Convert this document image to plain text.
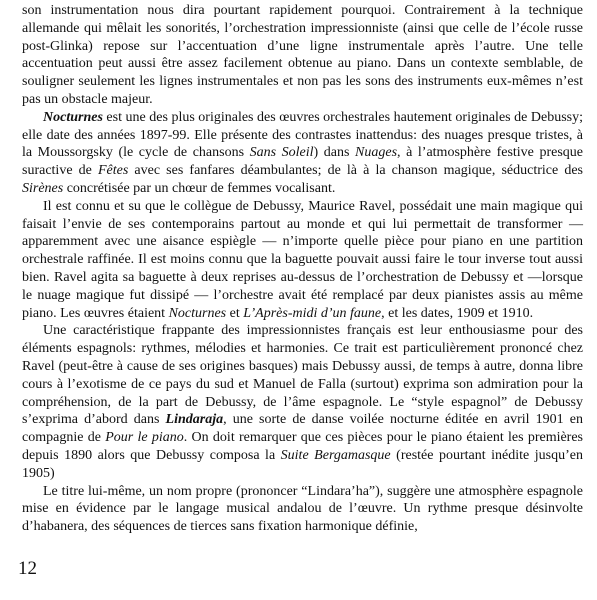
son instrumentation nous dira pourtant rapidement pourquoi. Contrairement à la technique allemande qui mêlait les sonorités, l’orchestration impressionniste (ainsi que celle de l’école russe post-Glinka) repose sur l’accentuation d’une ligne instrumentale après l’autre. Une telle accentuation peut aussi être assez facilement obtenue au piano. Dans un contexte semblable, de souligner seulement les lignes instrumentales et non pas les sons des instruments eux-mêmes n’est pas un obstacle majeur.

Nocturnes est une des plus originales des œuvres orchestrales hautement originales de Debussy; elle date des années 1897-99. Elle présente des contrastes inattendus: des nuages presque tristes, à la Moussorgsky (le cycle de chansons Sans Soleil) dans Nuages, à l’atmosphère festive presque suractive de Fêtes avec ses fanfares déambulantes; de là à la chanson magique, séductrice des Sirènes concrétisée par un chœur de femmes vocalisant.

Il est connu et su que le collègue de Debussy, Maurice Ravel, possédait une main magique qui faisait l’envie de ses contemporains partout au monde et qui lui permettait de transformer — apparemment avec une aisance espiègle — n’importe quelle pièce pour piano en une partition orchestrale raffinée. Il est moins connu que la baguette pouvait aussi faire le tour inverse tout aussi bien. Ravel agita sa baguette à deux reprises au-dessus de l’orchestration de Debussy et —lorsque le nuage magique fut dissipé — l’orchestre avait été remplacé par deux pianistes assis au même piano. Les œuvres étaient Nocturnes et L’Après-midi d’un faune, et les dates, 1909 et 1910.

Une caractéristique frappante des impressionnistes français est leur enthousiasme pour des éléments espagnols: rythmes, mélodies et harmonies. Ce trait est particulièrement prononcé chez Ravel (peut-être à cause de ses origines basques) mais Debussy aussi, de temps à autre, donna libre cours à l’exotisme de ce pays du sud et Manuel de Falla (surtout) exprima son admiration pour la compréhension, de la part de Debussy, de l’âme espagnole. Le “style espagnol” de Debussy s’exprima d’abord dans Lindaraja, une sorte de danse voilée nocturne éditée en avril 1901 en compagnie de Pour le piano. On doit remarquer que ces pièces pour le piano étaient les premières depuis 1890 alors que Debussy composa la Suite Bergamasque (restée pourtant inédite jusqu’en 1905)

Le titre lui-même, un nom propre (prononcer “Lindara’ha”), suggère une atmosphère espagnole mise en évidence par le langage musical andalou de l’œuvre. Un rythme presque désinvolte d’habanera, des séquences de tierces sans fixation harmonique définie,

12
